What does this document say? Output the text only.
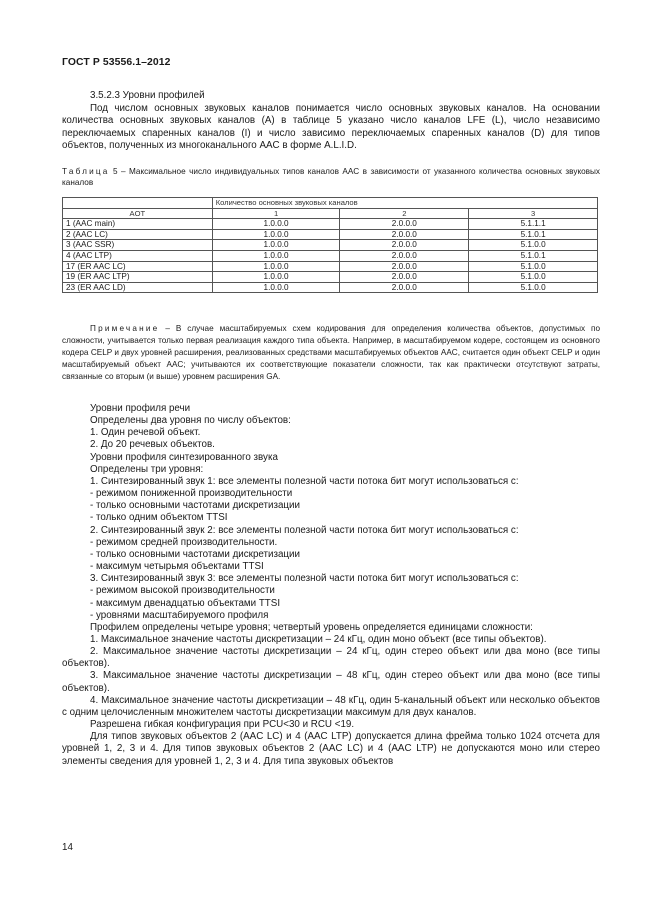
ГОСТ Р 53556.1–2012

3.5.2.3 Уровни профилей

Под числом основных звуковых каналов понимается число основных звуковых каналов. На основании количества основных звуковых каналов (А) в таблице 5 указано число каналов LFE (L), число независимо переключаемых спаренных каналов (I) и число зависимо переключаемых спаренных каналов (D) для типов объектов, полученных из многоканального AAC в форме A.L.I.D.

Таблица 5 – Максимальное число индивидуальных типов каналов AAC в зависимости от указанного количества основных звуковых каналов
	Количество основных звуковых каналов		
AOT	1	2	3
1 (AAC main)	1.0.0.0	2.0.0.0	5.1.1.1
2 (AAC LC)	1.0.0.0	2.0.0.0	5.1.0.1
3 (AAC SSR)	1.0.0.0	2.0.0.0	5.1.0.0
4 (AAC LTP)	1.0.0.0	2.0.0.0	5.1.0.1
17 (ER AAC LC)	1.0.0.0	2.0.0.0	5.1.0.0
19 (ER AAC LTP)	1.0.0.0	2.0.0.0	5.1.0.0
23 (ER AAC LD)	1.0.0.0	2.0.0.0	5.1.0.0

Примечание – В случае масштабируемых схем кодирования для определения количества объектов, допустимых по сложности, учитывается только первая реализация каждого типа объекта. Например, в масштабируемом кодере, состоящем из основного кодера CELP и двух уровней расширения, реализованных средствами масштабируемых объектов AAC, считается один объект CELP и один масштабируемый объект AAC; учитываются их соответствующие показатели сложности, так как практически отсутствуют затраты, связанные со вторым (и выше) уровнем расширения GA.

Уровни профиля речи

Определены два уровня по числу объектов:

1. Один речевой объект.

2. До 20 речевых объектов.

Уровни профиля синтезированного звука

Определены три уровня:

1. Синтезированный звук 1: все элементы полезной части потока бит могут использоваться с:

- режимом пониженной производительности

- только основными частотами дискретизации

- только одним объектом TTSI

2. Синтезированный звук 2: все элементы полезной части потока бит могут использоваться с:

- режимом средней производительности.

- только основными частотами дискретизации

- максимум четырьмя объектами TTSI

3. Синтезированный звук 3: все элементы полезной части потока бит могут использоваться с:

- режимом высокой производительности

- максимум двенадцатью объектами TTSI

- уровнями масштабируемого профиля

Профилем определены четыре уровня; четвертый уровень определяется единицами сложности:

1. Максимальное значение частоты дискретизации – 24 кГц, один моно объект (все типы объектов).

2. Максимальное значение частоты дискретизации – 24 кГц, один стерео объект или два моно (все типы объектов).

3. Максимальное значение частоты дискретизации – 48 кГц, один стерео объект или два моно (все типы объектов).

4. Максимальное значение частоты дискретизации – 48 кГц, один 5-канальный объект или несколько объектов с одним целочисленным множителем частоты дискретизации максимум для двух каналов.

Разрешена гибкая конфигурация при PCU<30 и RCU <19.

Для типов звуковых объектов 2 (AAC LC) и 4 (AAC LTP) допускается длина фрейма только 1024 отсчета для уровней 1, 2, 3 и 4. Для типов звуковых объектов 2 (AAC LC) и 4 (AAC LTP) не допускаются моно или стерео элементы сведения для уровней 1, 2, 3 и 4. Для типа звуковых объектов

14
